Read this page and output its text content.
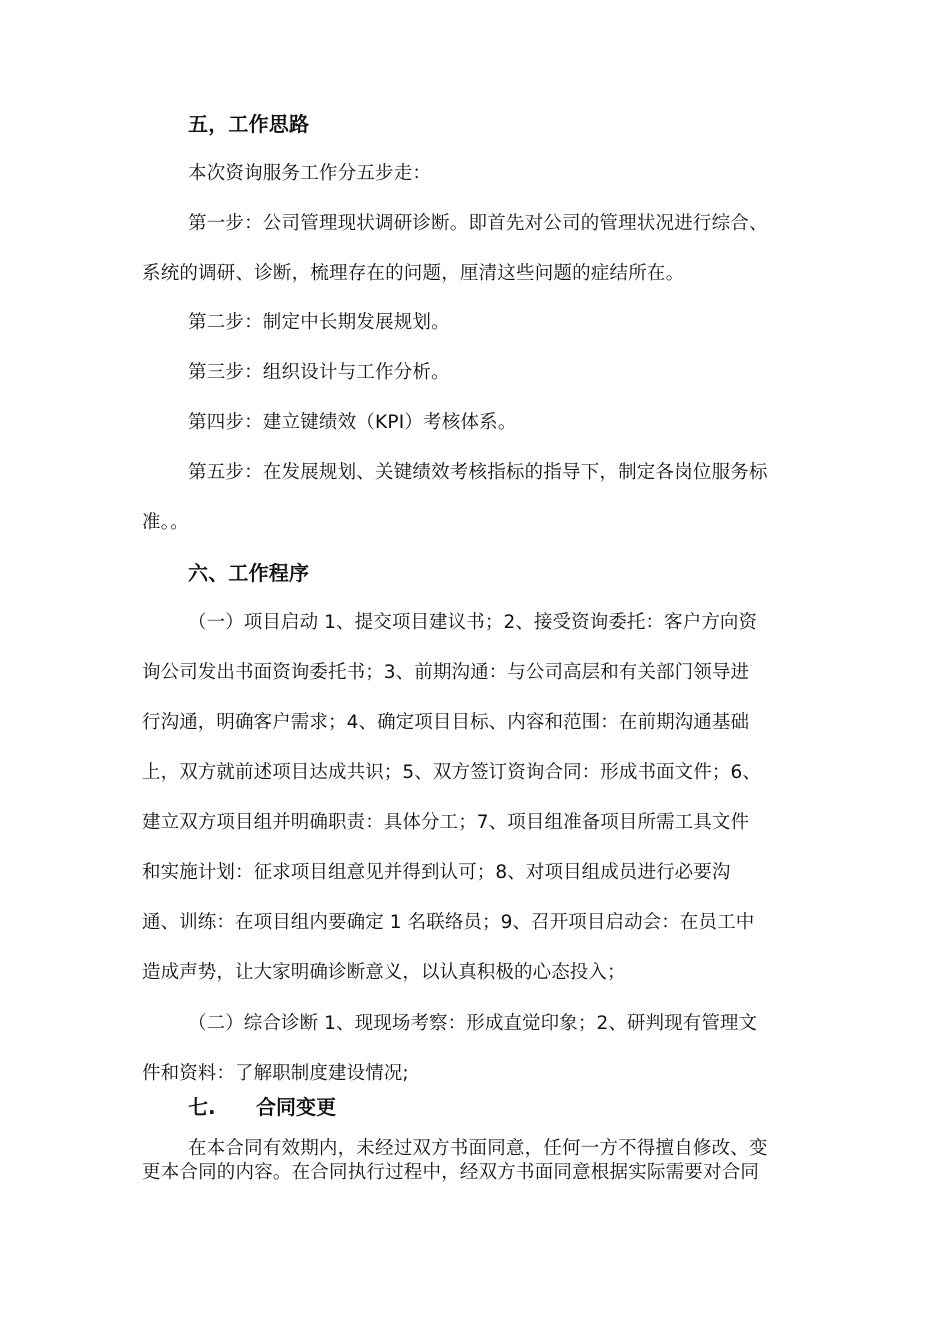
五，工作思路
本次资询服务工作分五步走：
第一步：公司管理现状调研诊断。即首先对公司的管理状况进行综合、
系统的调研、诊断，梳理存在的问题，厘清这些问题的症结所在。
第二步：制定中长期发展规划。
第三步：组织设计与工作分析。
第四步：建立键绩效（KPI）考核体系。
第五步：在发展规划、关键绩效考核指标的指导下，制定各岗位服务标
准。。
六、工作程序
（一）项目启动 1、提交项目建议书；2、接受资询委托：客户方向资
询公司发出书面资询委托书；3、前期沟通：与公司高层和有关部门领导进
行沟通，明确客户需求；4、确定项目目标、内容和范围：在前期沟通基础
上，双方就前述项目达成共识；5、双方签订资询合同：形成书面文件；6、
建立双方项目组并明确职责：具体分工；7、项目组准备项目所需工具文件
和实施计划：征求项目组意见并得到认可；8、对项目组成员进行必要沟
通、训练：在项目组内要确定 1 名联络员；9、召开项目启动会：在员工中
造成声势，让大家明确诊断意义，以认真积极的心态投入；
（二）综合诊断 1、现现场考察：形成直觉印象；2、研判现有管理文
件和资料：了解职制度建设情况;
七. 合同变更
在本合同有效期内，未经过双方书面同意，任何一方不得擅自修改、变
更本合同的内容。在合同执行过程中，经双方书面同意根据实际需要对合同
